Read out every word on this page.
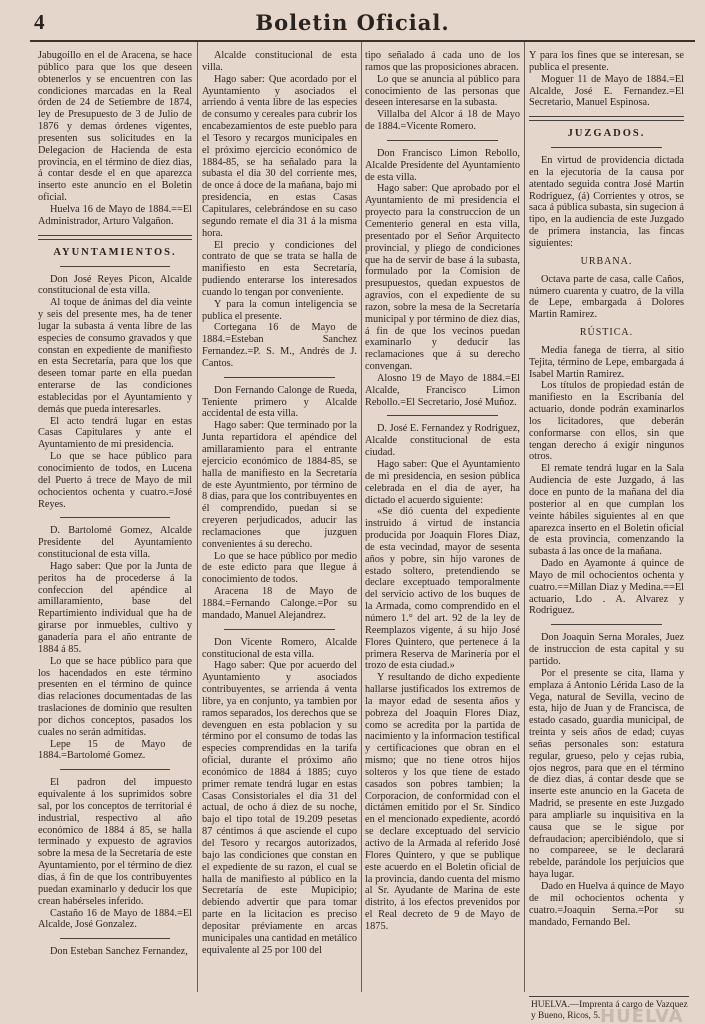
4	Boletin Oficial.

Jabugoillo en el de Aracena, se hace público para que los que deseen obtenerlos y se encuentren con las condiciones marcadas en la Real órden de 24 de Setiembre de 1874, ley de Presupuesto de 3 de Julio de 1876 y demas órdenes vigentes, presenten sus solicitudes en la Delegacion de Hacienda de esta provincia, en el término de diez dias, á contar desde el en que aparezca inserto este anuncio en el Boletin oficial.

Huelva 16 de Mayo de 1884.==El Administrador, Arturo Valgañon.

AYUNTAMIENTOS.

Don José Reyes Picon, Alcalde constitucional de esta villa.

Al toque de ánimas del dia veinte y seis del presente mes, ha de tener lugar la subasta á venta libre de las especies de consumo gravados y que constan en expediente de manifiesto en esta Secretaría, para que los que deseen tomar parte en ella puedan enterarse de las condiciones establecidas por el Ayuntamiento y demás que pueda interesarles.

El acto tendrá lugar en estas Casas Capitulares y ante el Ayuntamiento de mi presidencia.

Lo que se hace público para conocimiento de todos, en Lucena del Puerto á trece de Mayo de mil ochocientos ochenta y cuatro.=José Reyes.

D. Bartolomé Gomez, Alcalde Presidente del Ayuntamiento constitucional de esta villa.

Hago saber: Que por la Junta de peritos ha de procederse á la confeccion del apéndice al amillaramiento, base del Repartimiento individual que ha de girarse por inmuebles, cultivo y ganadería para el año entrante de 1884 á 85.

Lo que se hace público para que los hacendados en este término presenten en el término de quince dias relaciones documentadas de las traslaciones de dominio que resulten por dichos conceptos, pasados los cuales no serán admitidas.

Lepe 15 de Mayo de 1884.=Bartolomé Gomez.

El padron del impuesto equivalente á los suprimidos sobre sal, por los conceptos de territorial é industrial, respectivo al año económico de 1884 á 85, se halla terminado y expuesto de agravios sobre la mesa de la Secretaría de este Ayuntamiento, por el término de diez dias, á fin de que los contribuyentes puedan examinarlo y deducir los que crean habérseles inferido.

Castaño 16 de Mayo de 1884.=El Alcalde, José Gonzalez.

Don Esteban Sanchez Fernandez,

Alcalde constitucional de esta villa.

Hago saber: Que acordado por el Ayuntamiento y asociados el arriendo á venta libre de las especies de consumo y cereales para cubrir los encabezamientos de este pueblo para el Tesoro y recargos municipales en el próximo ejercicio económico de 1884-85, se ha señalado para la subasta el dia 30 del corriente mes, de once á doce de la mañana, bajo mi presidencia, en estas Casas Capitulares, celebrándose en su caso segundo remate el dia 31 á la misma hora.

El precio y condiciones del contrato de que se trata se halla de manifiesto en esta Secretaría, pudiendo enterarse los interesados cuando lo tengan por conveniente.

Y para la comun inteligencia se publica el presente.

Cortegana 16 de Mayo de 1884.=Esteban Sanchez Fernandez.=P. S. M., Andrés de J. Cantos.

Don Fernando Calonge de Rueda, Teniente primero y Alcalde accidental de esta villa.

Hago saber: Que terminado por la Junta repartidora el apéndice del amillaramiento para el entrante ejercicio económico de 1884-85, se halla de manifiesto en la Secretaría de este Ayuntmiento, por término de 8 dias, para que los contribuyentes en él comprendido, puedan si se creyeren perjudicados, aducir las reclamaciones que juzguen convenientes á su derecho.

Lo que se hace público por medio de este edicto para que llegue á conocimiento de todos.

Aracena 18 de Mayo de 1884.=Fernando Calonge.=Por su mandado, Manuel Alejandrez.

Don Vicente Romero, Alcalde constitucional de esta villa.

Hago saber: Que por acuerdo del Ayuntamiento y asociados contribuyentes, se arrienda á venta libre, ya en conjunto, ya tambien por ramos separados, los derechos que se devenguen en esta poblacion y su término por el consumo de todas las especies comprendidas en la tarifa oficial, durante el próximo año económico de 1884 á 1885; cuyo primer remate tendrá lugar en estas Casas Consistoriales el dia 31 del actual, de ocho á diez de su noche, bajo el tipo total de 19.209 pesetas 87 céntimos á que asciende el cupo del Tesoro y recargos autorizados, bajo las condiciones que constan en el expediente de su razon, el cual se halla de manifiesto al público en la Secretaría de este Mupicipio; debiendo advertir que para tomar parte en la licitacion es preciso depositar préviamente en arcas municipales una cantidad en metálico equivalente al 25 por 100 del

tipo señalado á cada uno de los ramos que las proposiciones abracen.

Lo que se anuncia al público para conocimiento de las personas que deseen interesarse en la subasta.

Villalba del Alcor á 18 de Mayo de 1884.=Vicente Romero.

Don Francisco Limon Rebollo, Alcalde Presidente del Ayuntamiento de esta villa.

Hago saber: Que aprobado por el Ayuntamiento de mi presidencia el proyecto para la construccion de un Cementerio general en esta villa, presentado por el Señor Arquitecto provincial, y pliego de condiciones que ha de servir de base á la subasta, formulado por la Comision de presupuestos, quedan expuestos de agravios, con el expediente de su razon, sobre la mesa de la Secretaría municipal y por término de diez dias, á fin de que los vecinos puedan examinarlo y deducir las reclamaciones que á su derecho convengan.

Alosno 19 de Mayo de 1884.=El Alcalde, Francisco Limon Rebollo.=El Secretario, José Muñoz.

D. José E. Fernandez y Rodriguez, Alcalde constitucional de esta ciudad.

Hago saber: Que el Ayuntamiento de mi presidencia, en sesion pública celebrada en el dia de ayer, ha dictado el acuerdo siguiente:

«Se dió cuenta del expediente instruido á virtud de instancia producida por Joaquin Flores Diaz, de esta vecindad, mayor de sesenta años y pobre, sin hijo varones de estado soltero, pretendiendo se declare exceptuado temporalmente del servicio activo de los buques de la Armada, como comprendido en el número 1.° del art. 92 de la ley de Reemplazos vigente, á su hijo José Flores Quintero, que pertenece á la primera Reserva de Marinería por el trozo de esta ciudad.»

Y resultando de dicho expediente hallarse justificados los extremos de la mayor edad de sesenta años y pobreza del Joaquin Flores Diaz, como se acredita por la partida de nacimiento y la informacion testifical y certificaciones que obran en el mismo; que no tiene otros hijos solteros y los que tiene de estado casados son pobres tambien; la Corporacion, de conformidad con el dictámen emitido por el Sr. Síndico en el mencionado expediente, acordó se declare exceptuado del servicio activo de la Armada al referido José Flores Quintero, y que se publique este acuerdo en el Boletin oficial de la provincia, dando cuenta del mismo al Sr. Ayudante de Marina de este distrito, á los efectos prevenidos por el Real decreto de 9 de Mayo de 1875.

Y para los fines que se interesan, se publica el presente.

Moguer 11 de Mayo de 1884.=El Alcalde, José E. Fernandez.=El Secretario, Manuel Espinosa.

JUZGADOS.

En virtud de providencia dictada en la ejecutoria de la causa por atentado seguida contra José Martin Rodriguez, (á) Corrientes y otros, se saca á pública subasta, sin sugecion á tipo, en la audiencia de este Juzgado de primera instancia, las fincas siguientes:

URBANA.

Octava parte de casa, calle Caños, número cuarenta y cuatro, de la villa de Lepe, embargada á Dolores Martin Ramirez.

RÚSTICA.

Media fanega de tierra, al sitio Tejita, término de Lepe, embargada á Isabel Martin Ramirez.

Los títulos de propiedad están de manifiesto en la Escribanía del actuario, donde podrán examinarlos los licitadores, que deberán conformarse con ellos, sin que tengan derecho á exigir ningunos otros.

El remate tendrá lugar en la Sala Audiencia de este Juzgado, á las doce en punto de la mañana del dia posterior al en que cumplan los veinte hábiles siguientes al en que aparezca inserto en el Boletin oficial de esta provincia, comenzando la subasta á las once de la mañana.

Dado en Ayamonte á quince de Mayo de mil ochocientos ochenta y cuatro.==Millan Diaz y Medina.==El actuario, Ldo . A. Alvarez y Rodriguez.

Don Joaquin Serna Morales, Juez de instruccion de esta capital y su partido.

Por el presente se cita, llama y emplaza á Antonio Lérida Laso de la Vega, natural de Sevilla, vecino de esta, hijo de Juan y de Francisca, de estado casado, guardia municipal, de treinta y seis años de edad; cuyas señas personales son: estatura regular, grueso, pelo y cejas rubia, ojos negros, para que en el término de diez dias, á contar desde que se inserte este anuncio en la Gaceta de Madrid, se presente en este Juzgado para ampliarle su inquisitiva en la causa que se le sigue por defraudacion; apercibiéndolo, que si no compareee, se le declarará rebelde, parándole los perjuicios que haya lugar.

Dado en Huelva á quince de Mayo de mil ochocientos ochenta y cuatro.=Joaquin Serna.=Por su mandado, Fernando Bel.

HUELVA.—Imprenta á cargo de Vazquez y Bueno, Ricos, 5. HUELVA
